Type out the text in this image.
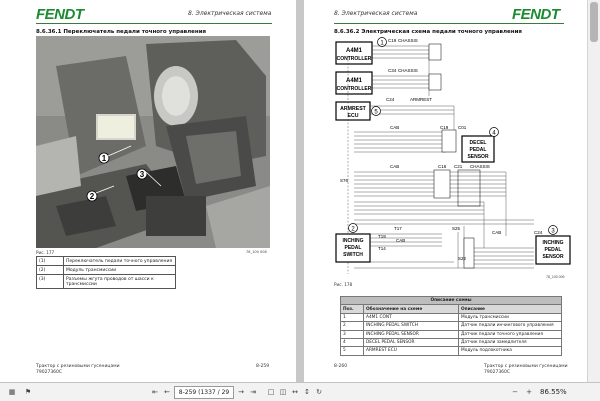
FENDT	8. Электрическая система
8.6.36.1 Переключатель педали точного управления
1
2
3
Рис. 177	78_100 008
(1)	Переключатель педали точного управления
(2)	Модуль трансмиссии
(3)	Разъемы жгута проводов от шасси к трансмиссии
Трактор с резиновыми гусеницами
79027360C
8-259
8. Электрическая система	FENDT
8.6.36.2 Электрическая схема педали точного управления
A4M1
CONTROLLER
A4M1
CONTROLLER
ARMREST
ECU
C19 CHASSIS
C34 CHASSIS
C24	ARMREST
CAB	C19 C01
S76
CAB	C16 C21 CHASSIS
DECEL
PEDAL
SENSOR
INCHING
PEDAL
SWITCH
INCHING
PEDAL
SENSOR
T17
CAB
T19
T14
S25
S22
CAB	C24
1
4
5
2	3
78_100 009
Рис. 178
Описание схемы		
Поз.	Обозначение на схеме	Описание
1	A4M1 CONT	Модуль трансмиссии
2	INCHING PEDAL SWITCH	Датчик педали инчингового управления
3	INCHING PEDAL SENSOR	Датчик педали точного управления
4	DECEL PEDAL SENSOR	Датчик педали замедлителя
5	ARMREST ECU	Модуль подлокотника
8-260	Трактор с резиновыми гусеницами
79027360C
▦	⚑	⇤ ←	8-259 (1337 / 29	→ ⇥ □ ◫ ↔ ↕ ↻	− + 86.55%
